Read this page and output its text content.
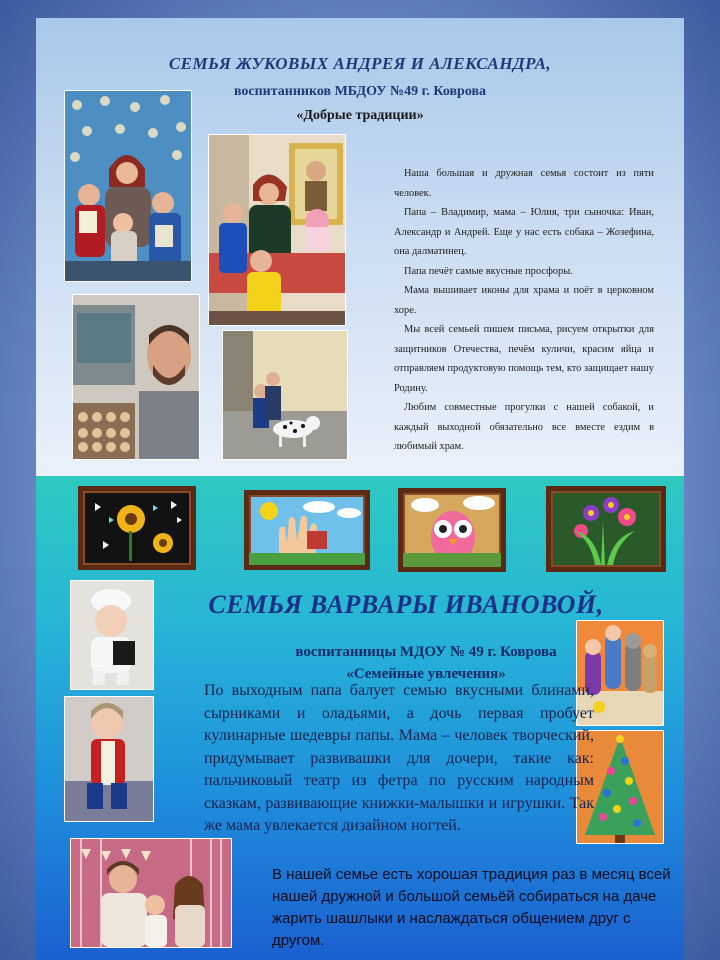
СЕМЬЯ ЖУКОВЫХ АНДРЕЯ И АЛЕКСАНДРА,
воспитанников МБДОУ №49 г. Коврова
«Добрые традиции»

Наша большая и дружная семья состоит из пяти человек.

Папа – Владимир, мама – Юлия, три сыночка: Иван, Александр и Андрей. Еще у нас есть собака – Жозефина, она далматинец.

Папа печёт самые вкусные просфоры.

Мама вышивает иконы для храма и поёт в церковном хоре.

Мы всей семьей пишем письма, рисуем открытки для защитников Отечества, печём куличи, красим яйца и отправляем продуктовую помощь тем, кто защищает нашу Родину.

Любим совместные прогулки с нашей собакой, и каждый выходной обязательно все вместе ездим в любимый храм.

СЕМЬЯ ВАРВАРЫ ИВАНОВОЙ,
воспитанницы МДОУ № 49 г. Коврова
«Семейные увлечения»
По выходным папа балует семью вкусными блинами, сырниками и оладьями, а дочь первая пробует кулинарные шедевры папы. Мама – человек творческий, придумывает развивашки для дочери, такие как: пальчиковый театр из фетра по русским народным сказкам, развивающие книжки-малышки и игрушки. Так же мама увлекается дизайном ногтей.
В нашей семье есть хорошая традиция раз в месяц всей нашей дружной и большой семьёй собираться на даче жарить шашлыки и наслаждаться общением друг с другом.
